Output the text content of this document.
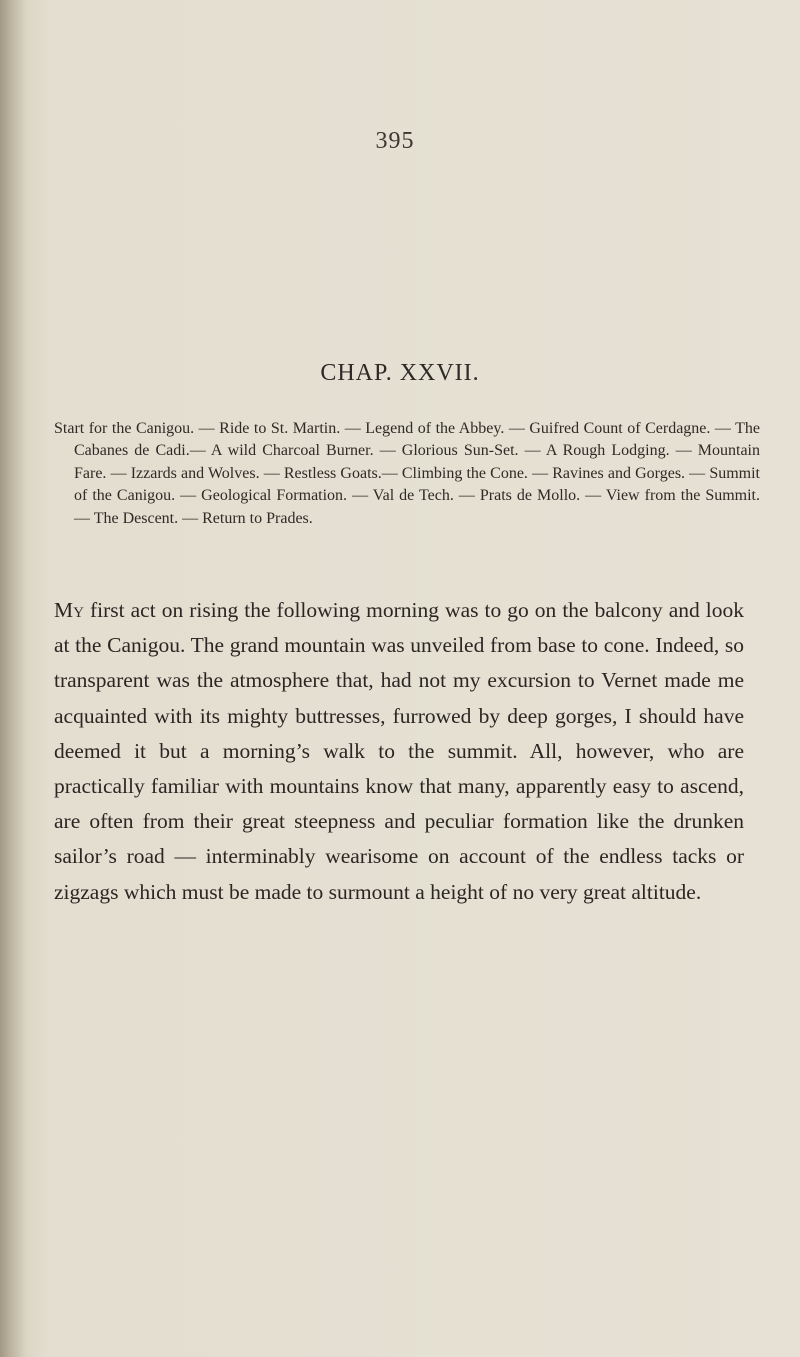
395
CHAP. XXVII.
Start for the Canigou. — Ride to St. Martin. — Legend of the Abbey. — Guifred Count of Cerdagne. — The Cabanes de Cadi.— A wild Charcoal Burner. — Glorious Sun-Set. — A Rough Lodging. — Mountain Fare. — Izzards and Wolves. — Restless Goats.— Climbing the Cone. — Ravines and Gorges. — Summit of the Canigou. — Geological Formation. — Val de Tech. — Prats de Mollo. — View from the Summit. — The Descent. — Return to Prades.
My first act on rising the following morning was to go on the balcony and look at the Canigou. The grand mountain was unveiled from base to cone. Indeed, so transparent was the atmosphere that, had not my excursion to Vernet made me acquainted with its mighty buttresses, furrowed by deep gorges, I should have deemed it but a morning’s walk to the summit. All, however, who are practically familiar with mountains know that many, apparently easy to ascend, are often from their great steepness and peculiar formation like the drunken sailor’s road — interminably wearisome on account of the endless tacks or zigzags which must be made to surmount a height of no very great altitude.
